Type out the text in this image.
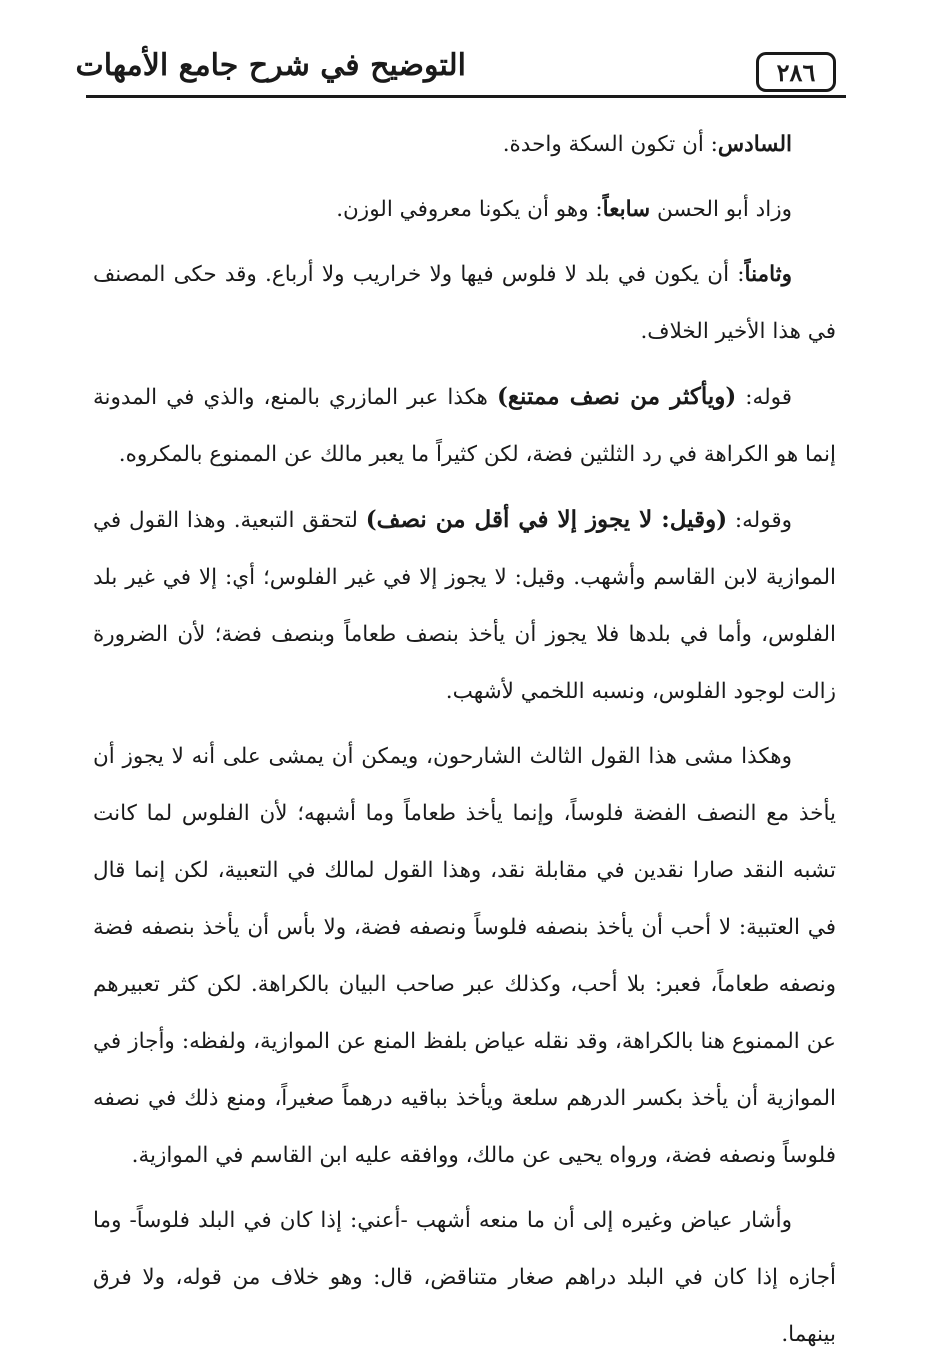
التوضيح في شرح جامع الأمهات	٢٨٦

السادس: أن تكون السكة واحدة.

وزاد أبو الحسن سابعاً: وهو أن يكونا معروفي الوزن.

وثامناً: أن يكون في بلد لا فلوس فيها ولا خراريب ولا أرباع. وقد حكى المصنف في هذا الأخير الخلاف.

قوله: (ويأكثر من نصف ممتنع) هكذا عبر المازري بالمنع، والذي في المدونة إنما هو الكراهة في رد الثلثين فضة، لكن كثيراً ما يعبر مالك عن الممنوع بالمكروه.

وقوله: (وقيل: لا يجوز إلا في أقل من نصف) لتحقق التبعية. وهذا القول في الموازية لابن القاسم وأشهب. وقيل: لا يجوز إلا في غير الفلوس؛ أي: إلا في غير بلد الفلوس، وأما في بلدها فلا يجوز أن يأخذ بنصف طعاماً وبنصف فضة؛ لأن الضرورة زالت لوجود الفلوس، ونسبه اللخمي لأشهب.

وهكذا مشى هذا القول الثالث الشارحون، ويمكن أن يمشى على أنه لا يجوز أن يأخذ مع النصف الفضة فلوساً، وإنما يأخذ طعاماً وما أشبهه؛ لأن الفلوس لما كانت تشبه النقد صارا نقدين في مقابلة نقد، وهذا القول لمالك في التعبية، لكن إنما قال في العتبية: لا أحب أن يأخذ بنصفه فلوساً ونصفه فضة، ولا بأس أن يأخذ بنصفه فضة ونصفه طعاماً، فعبر: بلا أحب، وكذلك عبر صاحب البيان بالكراهة. لكن كثر تعبيرهم عن الممنوع هنا بالكراهة، وقد نقله عياض بلفظ المنع عن الموازية، ولفظه: وأجاز في الموازية أن يأخذ بكسر الدرهم سلعة ويأخذ بباقيه درهماً صغيراً، ومنع ذلك في نصفه فلوساً ونصفه فضة، ورواه يحيى عن مالك، ووافقه عليه ابن القاسم في الموازية.

وأشار عياض وغيره إلى أن ما منعه أشهب -أعني: إذا كان في البلد فلوساً- وما أجازه إذا كان في البلد دراهم صغار متناقض، قال: وهو خلاف من قوله، ولا فرق بينهما.
